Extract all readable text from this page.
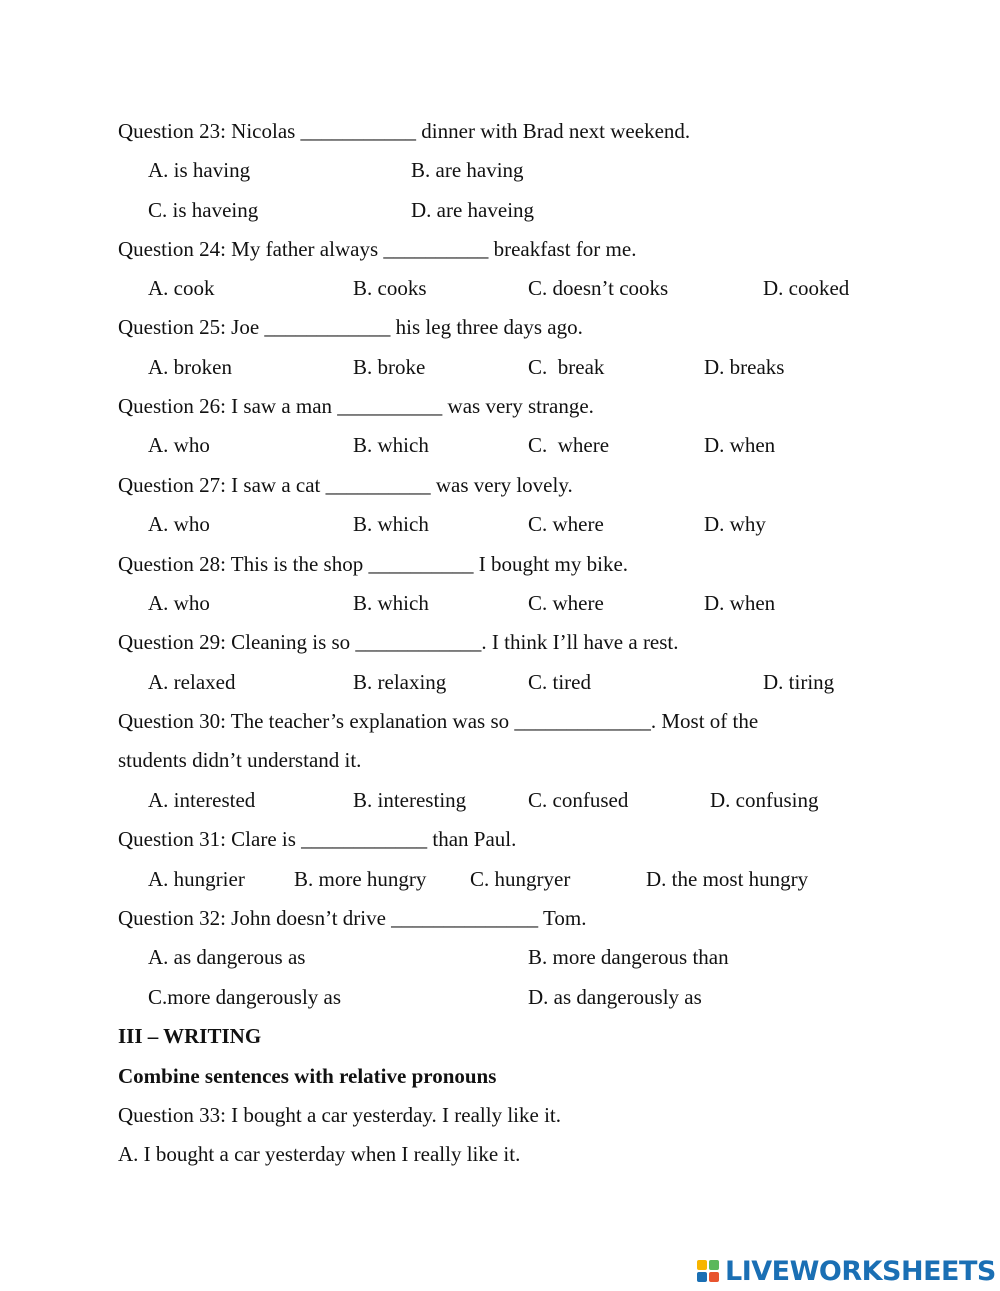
Question 23: Nicolas ___________ dinner with Brad next weekend.
A. is having	B. are having
C. is haveing	D. are haveing
Question 24: My father always __________ breakfast for me.
A. cook	B. cooks	C. doesn’t cooks	D. cooked
Question 25: Joe ____________ his leg three days ago.
A. broken	B. broke	C.  break	D. breaks
Question 26: I saw a man __________ was very strange.
A. who	B. which	C.  where	D. when
Question 27: I saw a cat __________ was very lovely.
A. who	B. which	C. where	D. why
Question 28: This is the shop __________ I bought my bike.
A. who	B. which	C. where	D. when
Question 29: Cleaning is so ____________. I think I’ll have a rest.
A. relaxed	B. relaxing	C. tired	D. tiring
Question 30: The teacher’s explanation was so _____________. Most of the
students didn’t understand it.
A. interested	B. interesting	C. confused	D. confusing
Question 31: Clare is ____________ than Paul.
A. hungrier B. more hungry C. hungryer	D. the most hungry
Question 32: John doesn’t drive ______________ Tom.
A. as dangerous as	B. more dangerous than
C.more dangerously as	D. as dangerously as
III – WRITING
Combine sentences with relative pronouns
Question 33: I bought a car yesterday. I really like it.
A. I bought a car yesterday when I really like it.
LIVEWORKSHEETS
